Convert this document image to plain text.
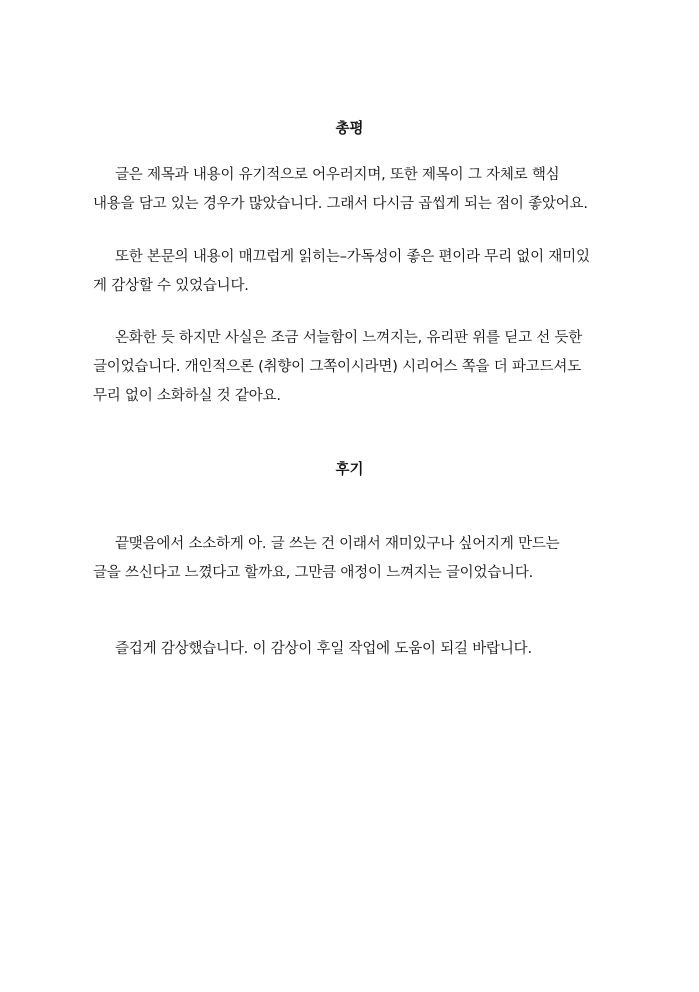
총평

글은 제목과 내용이 유기적으로 어우러지며, 또한 제목이 그 자체로 핵심
내용을 담고 있는 경우가 많았습니다. 그래서 다시금 곱씹게 되는 점이 좋았어요.

또한 본문의 내용이 매끄럽게 읽히는–가독성이 좋은 편이라 무리 없이 재미있
게 감상할 수 있었습니다.

온화한 듯 하지만 사실은 조금 서늘함이 느껴지는, 유리판 위를 딛고 선 듯한
글이었습니다. 개인적으론 (취향이 그쪽이시라면) 시리어스 쪽을 더 파고드셔도
무리 없이 소화하실 것 같아요.

후기

끝맺음에서 소소하게 아. 글 쓰는 건 이래서 재미있구나 싶어지게 만드는
글을 쓰신다고 느꼈다고 할까요, 그만큼 애정이 느껴지는 글이었습니다.

즐겁게 감상했습니다. 이 감상이 후일 작업에 도움이 되길 바랍니다.
